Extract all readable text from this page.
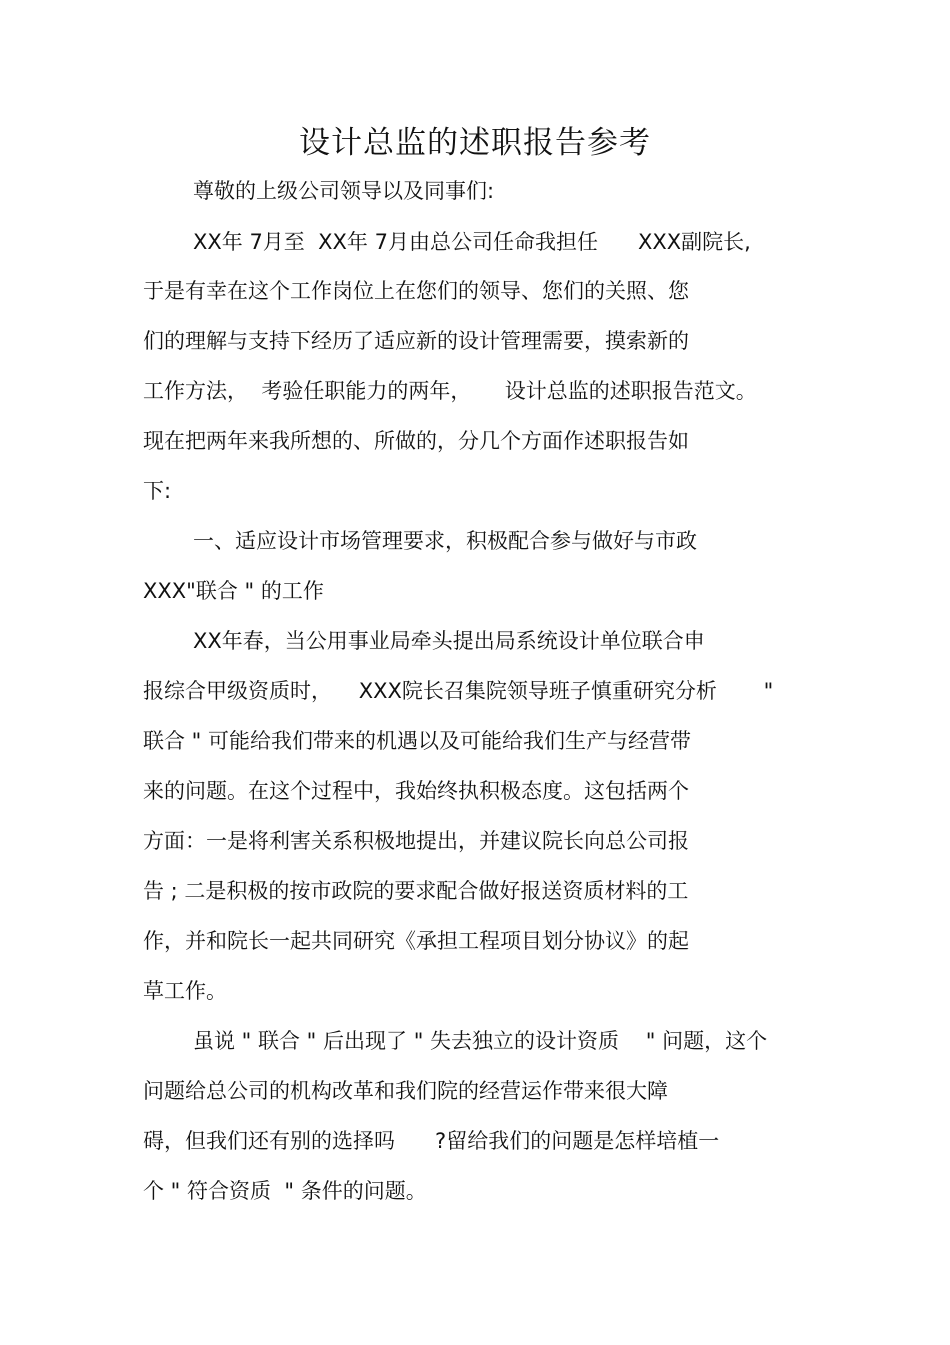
设计总监的述职报告参考
尊敬的上级公司领导以及同事们:
XX年 7月至  XX年 7月由总公司任命我担任      XXX副院长,
于是有幸在这个工作岗位上在您们的领导、您们的关照、您
们的理解与支持下经历了适应新的设计管理需要，摸索新的
工作方法，  考验任职能力的两年，     设计总监的述职报告范文。
现在把两年来我所想的、所做的，分几个方面作述职报告如
下:
一、适应设计市场管理要求，积极配合参与做好与市政
XXX"联合 " 的工作
XX年春，当公用事业局牵头提出局系统设计单位联合申
报综合甲级资质时，    XXX院长召集院领导班子慎重研究分析       "
联合 " 可能给我们带来的机遇以及可能给我们生产与经营带
来的问题。在这个过程中，我始终执积极态度。这包括两个
方面：一是将利害关系积极地提出，并建议院长向总公司报
告 ; 二是积极的按市政院的要求配合做好报送资质材料的工
作，并和院长一起共同研究《承担工程项目划分协议》的起
草工作。
虽说 " 联合 " 后出现了 " 失去独立的设计资质    " 问题，这个
问题给总公司的机构改革和我们院的经营运作带来很大障
碍，但我们还有别的选择吗      ?留给我们的问题是怎样培植一
个 " 符合资质  " 条件的问题。
